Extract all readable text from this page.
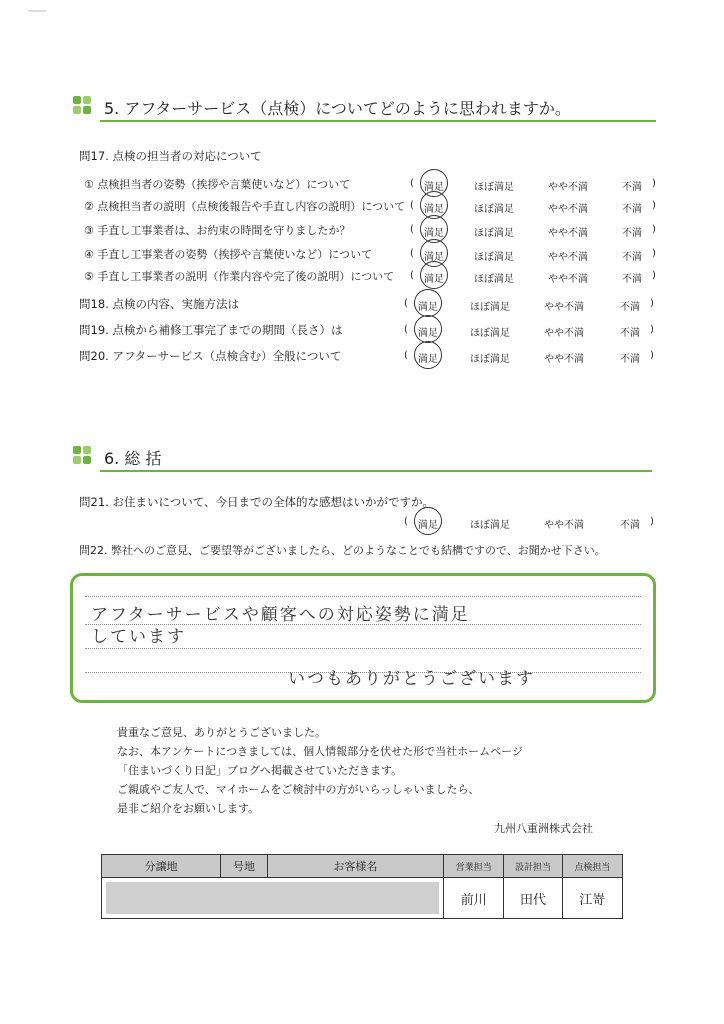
5. アフターサービス（点検）についてどのように思われますか。
問17. 点検の担当者の対応について
① 点検担当者の姿勢（挨拶や言葉使いなど）について	( 満足	ほぼ満足	やや不満	不満 )
② 点検担当者の説明（点検後報告や手直し内容の説明）について ( 満足	ほぼ満足	やや不満	不満 )
③ 手直し工事業者は、お約束の時間を守りましたか？	( 満足	ほぼ満足	やや不満	不満 )
④ 手直し工事業者の姿勢（挨拶や言葉使いなど）について	( 満足	ほぼ満足	やや不満	不満 )
⑤ 手直し工事業者の説明（作業内容や完了後の説明）について ( 満足	ほぼ満足	やや不満	不満 )
問18. 点検の内容、実施方法は	( 満足	ほぼ満足	やや不満	不満 )
問19. 点検から補修工事完了までの期間（長さ）は	( 満足	ほぼ満足	やや不満	不満 )
問20. アフターサービス（点検含む）全般について	( 満足	ほぼ満足	やや不満	不満 )
6. 総 括
問21. お住まいについて、今日までの全体的な感想はいかがですか。
( 満足	ほぼ満足	やや不満	不満 )
問22. 弊社へのご意見、ご要望等がございましたら、どのようなことでも結構ですので、お聞かせ下さい。
アフターサービスや顧客への対応姿勢に満足
しています
いつもありがとうございます
貴重なご意見、ありがとうございました。
なお、本アンケートにつきましては、個人情報部分を伏せた形で当社ホームページ
「住まいづくり日記」ブログへ掲載させていただきます。
ご親戚やご友人で、マイホームをご検討中の方がいらっしゃいましたら、
是非ご紹介をお願いします。
九州八重洲株式会社
分譲地	号地	お客様名	営業担当	設計担当	点検担当

			前川	田代	江嵜
